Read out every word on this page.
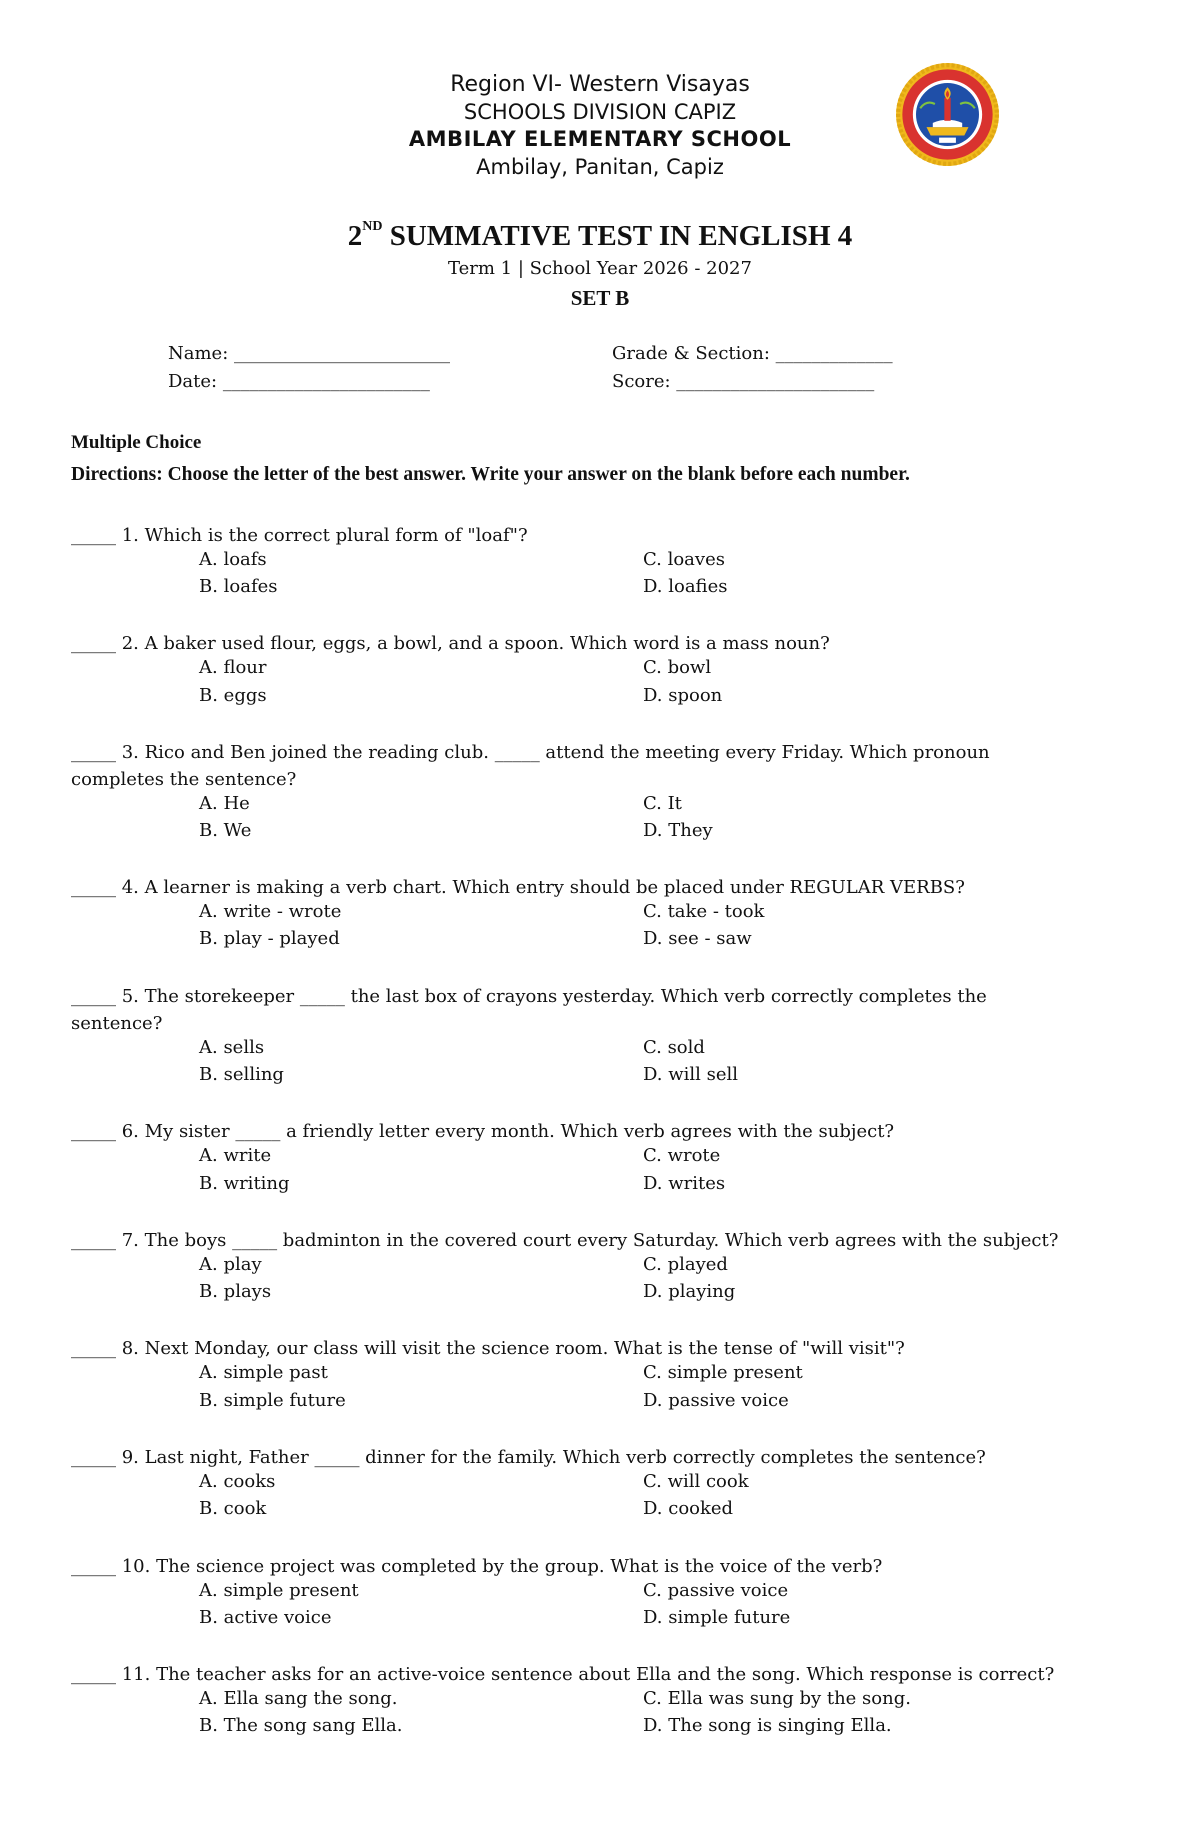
Region VI- Western Visayas
SCHOOLS DIVISION CAPIZ
AMBILAY ELEMENTARY SCHOOL
Ambilay, Panitan, Capiz
2ND SUMMATIVE TEST IN ENGLISH 4
Term 1 | School Year 2026 - 2027
SET B
Name: ________________________	Grade & Section: _____________
Date: _______________________	Score: ______________________
Multiple Choice
Directions: Choose the letter of the best answer. Write your answer on the blank before each number.
_____ 1. Which is the correct plural form of "loaf"?
A. loafs	C. loaves
B. loafes	D. loafies
_____ 2. A baker used flour, eggs, a bowl, and a spoon. Which word is a mass noun?
A. flour	C. bowl
B. eggs	D. spoon
_____ 3. Rico and Ben joined the reading club. _____ attend the meeting every Friday. Which pronoun
completes the sentence?
A. He	C. It
B. We	D. They
_____ 4. A learner is making a verb chart. Which entry should be placed under REGULAR VERBS?
A. write - wrote	C. take - took
B. play - played	D. see - saw
_____ 5. The storekeeper _____ the last box of crayons yesterday. Which verb correctly completes the
sentence?
A. sells	C. sold
B. selling	D. will sell
_____ 6. My sister _____ a friendly letter every month. Which verb agrees with the subject?
A. write	C. wrote
B. writing	D. writes
_____ 7. The boys _____ badminton in the covered court every Saturday. Which verb agrees with the subject?
A. play	C. played
B. plays	D. playing
_____ 8. Next Monday, our class will visit the science room. What is the tense of "will visit"?
A. simple past	C. simple present
B. simple future	D. passive voice
_____ 9. Last night, Father _____ dinner for the family. Which verb correctly completes the sentence?
A. cooks	C. will cook
B. cook	D. cooked
_____ 10. The science project was completed by the group. What is the voice of the verb?
A. simple present	C. passive voice
B. active voice	D. simple future
_____ 11. The teacher asks for an active-voice sentence about Ella and the song. Which response is correct?
A. Ella sang the song.	C. Ella was sung by the song.
B. The song sang Ella.	D. The song is singing Ella.
